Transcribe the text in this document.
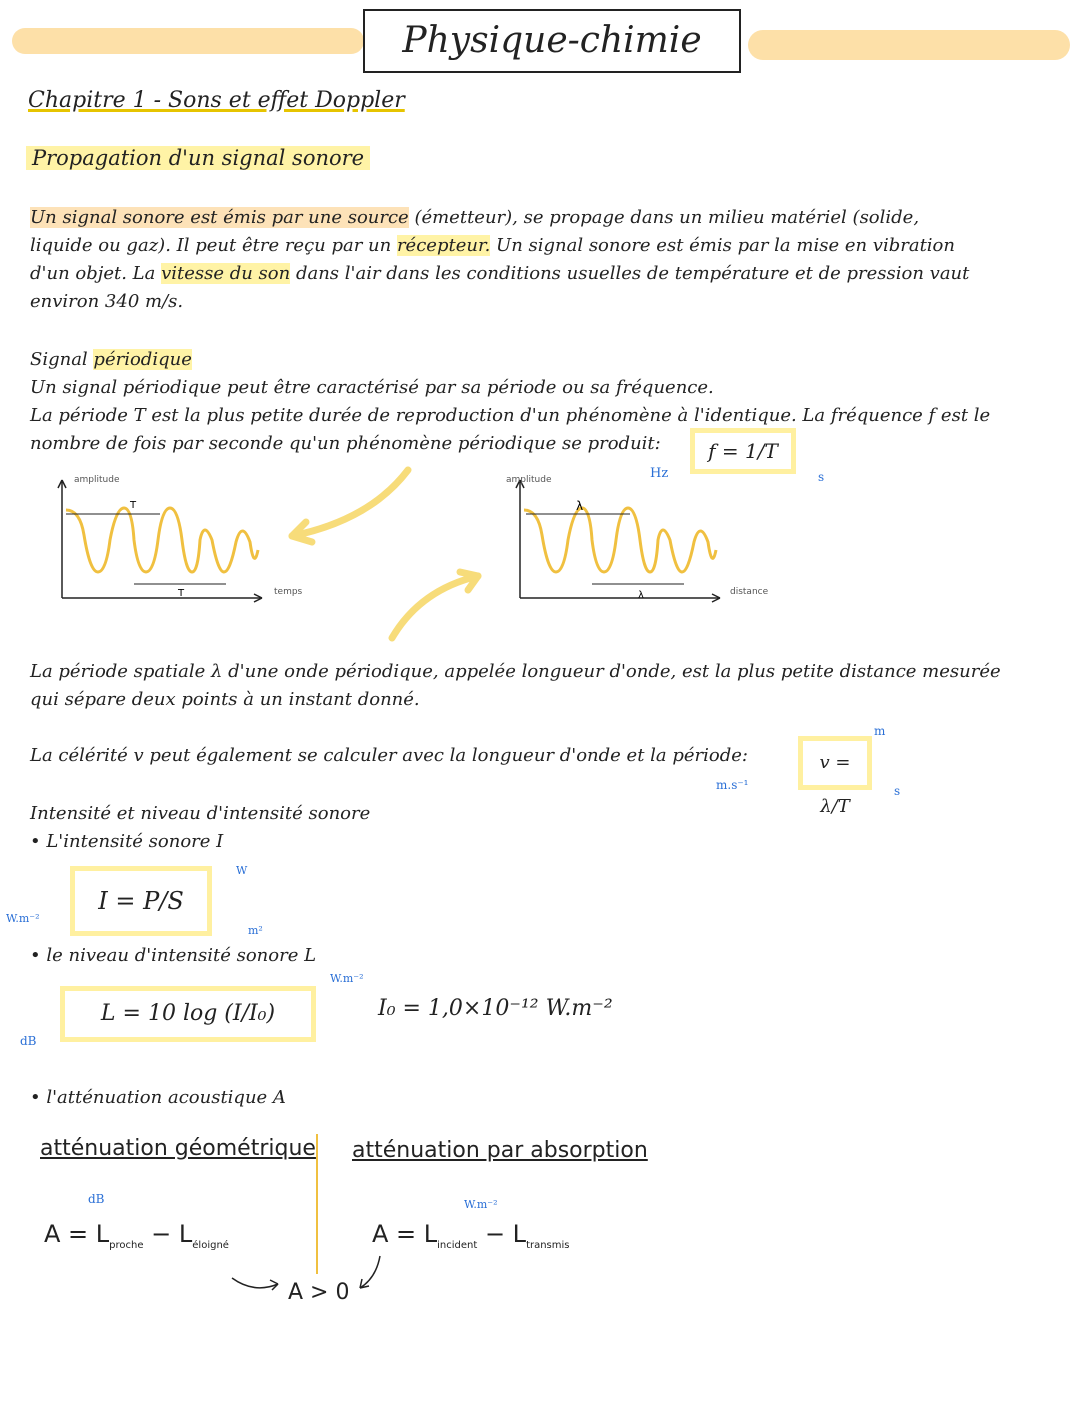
Physique-chimie
Chapitre 1 - Sons et effet Doppler
Propagation d'un signal sonore
Un signal sonore est émis par une source (émetteur), se propage dans un milieu matériel (solide,
liquide ou gaz). Il peut être reçu par un récepteur. Un signal sonore est émis par la mise en vibration
d'un objet. La vitesse du son dans l'air dans les conditions usuelles de température et de pression vaut
environ 340 m/s.
Signal périodique
Un signal périodique peut être caractérisé par sa période ou sa fréquence.
La période T est la plus petite durée de reproduction d'un phénomène à l'identique. La fréquence f est le
nombre de fois par seconde qu'un phénomène périodique se produit:	f = 1/T
Hz	s
T
T
amplitude
temps
λ
λ
amplitude
distance
La période spatiale λ d'une onde périodique, appelée longueur d'onde, est la plus petite distance mesurée
qui sépare deux points à un instant donné.
La célérité v peut également se calculer avec la longueur d'onde et la période:	v = λ/T
m
m.s⁻¹	s
Intensité et niveau d'intensité sonore
• L'intensité sonore I
I = P/S
W
W.m⁻²
m²
• le niveau d'intensité sonore L
L = 10 log (I/I₀)
dB
W.m⁻²
I₀ = 1,0×10⁻¹² W.m⁻²
• l'atténuation acoustique A
atténuation géométrique atténuation par absorption
dB
$A = L_{proche} - L_{éloigné}$
W.m⁻²
$A = L_{incident} - L_{transmis}$
A > 0
